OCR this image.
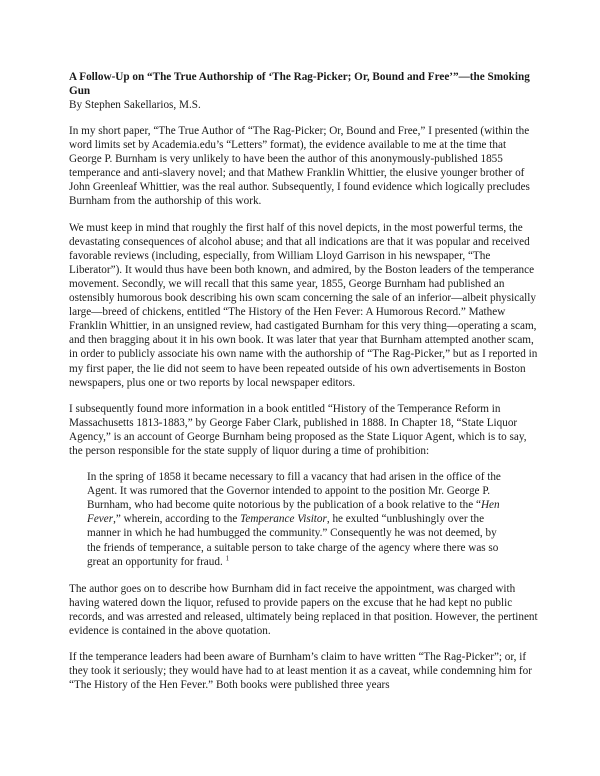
A Follow-Up on “The True Authorship of ‘The Rag-Picker; Or, Bound and Free’”—the Smoking Gun
By Stephen Sakellarios, M.S.

In my short paper, “The True Author of “The Rag-Picker; Or, Bound and Free,” I presented (within the word limits set by Academia.edu’s “Letters” format), the evidence available to me at the time that George P. Burnham is very unlikely to have been the author of this anonymously-published 1855 temperance and anti-slavery novel; and that Mathew Franklin Whittier, the elusive younger brother of John Greenleaf Whittier, was the real author. Subsequently, I found evidence which logically precludes Burnham from the authorship of this work.

We must keep in mind that roughly the first half of this novel depicts, in the most powerful terms, the devastating consequences of alcohol abuse; and that all indications are that it was popular and received favorable reviews (including, especially, from William Lloyd Garrison in his newspaper, “The Liberator”). It would thus have been both known, and admired, by the Boston leaders of the temperance movement. Secondly, we will recall that this same year, 1855, George Burnham had published an ostensibly humorous book describing his own scam concerning the sale of an inferior—albeit physically large—breed of chickens, entitled “The History of the Hen Fever: A Humorous Record.” Mathew Franklin Whittier, in an unsigned review, had castigated Burnham for this very thing—operating a scam, and then bragging about it in his own book. It was later that year that Burnham attempted another scam, in order to publicly associate his own name with the authorship of “The Rag-Picker,” but as I reported in my first paper, the lie did not seem to have been repeated outside of his own advertisements in Boston newspapers, plus one or two reports by local newspaper editors.

I subsequently found more information in a book entitled “History of the Temperance Reform in Massachusetts 1813-1883,” by George Faber Clark, published in 1888. In Chapter 18, “State Liquor Agency,” is an account of George Burnham being proposed as the State Liquor Agent, which is to say, the person responsible for the state supply of liquor during a time of prohibition:

In the spring of 1858 it became necessary to fill a vacancy that had arisen in the office of the Agent. It was rumored that the Governor intended to appoint to the position Mr. George P. Burnham, who had become quite notorious by the publication of a book relative to the “Hen Fever,” wherein, according to the Temperance Visitor, he exulted “unblushingly over the manner in which he had humbugged the community.” Consequently he was not deemed, by the friends of temperance, a suitable person to take charge of the agency where there was so great an opportunity for fraud. $^1$

The author goes on to describe how Burnham did in fact receive the appointment, was charged with having watered down the liquor, refused to provide papers on the excuse that he had kept no public records, and was arrested and released, ultimately being replaced in that position. However, the pertinent evidence is contained in the above quotation.

If the temperance leaders had been aware of Burnham’s claim to have written “The Rag-Picker”; or, if they took it seriously; they would have had to at least mention it as a caveat, while condemning him for “The History of the Hen Fever.” Both books were published three years
